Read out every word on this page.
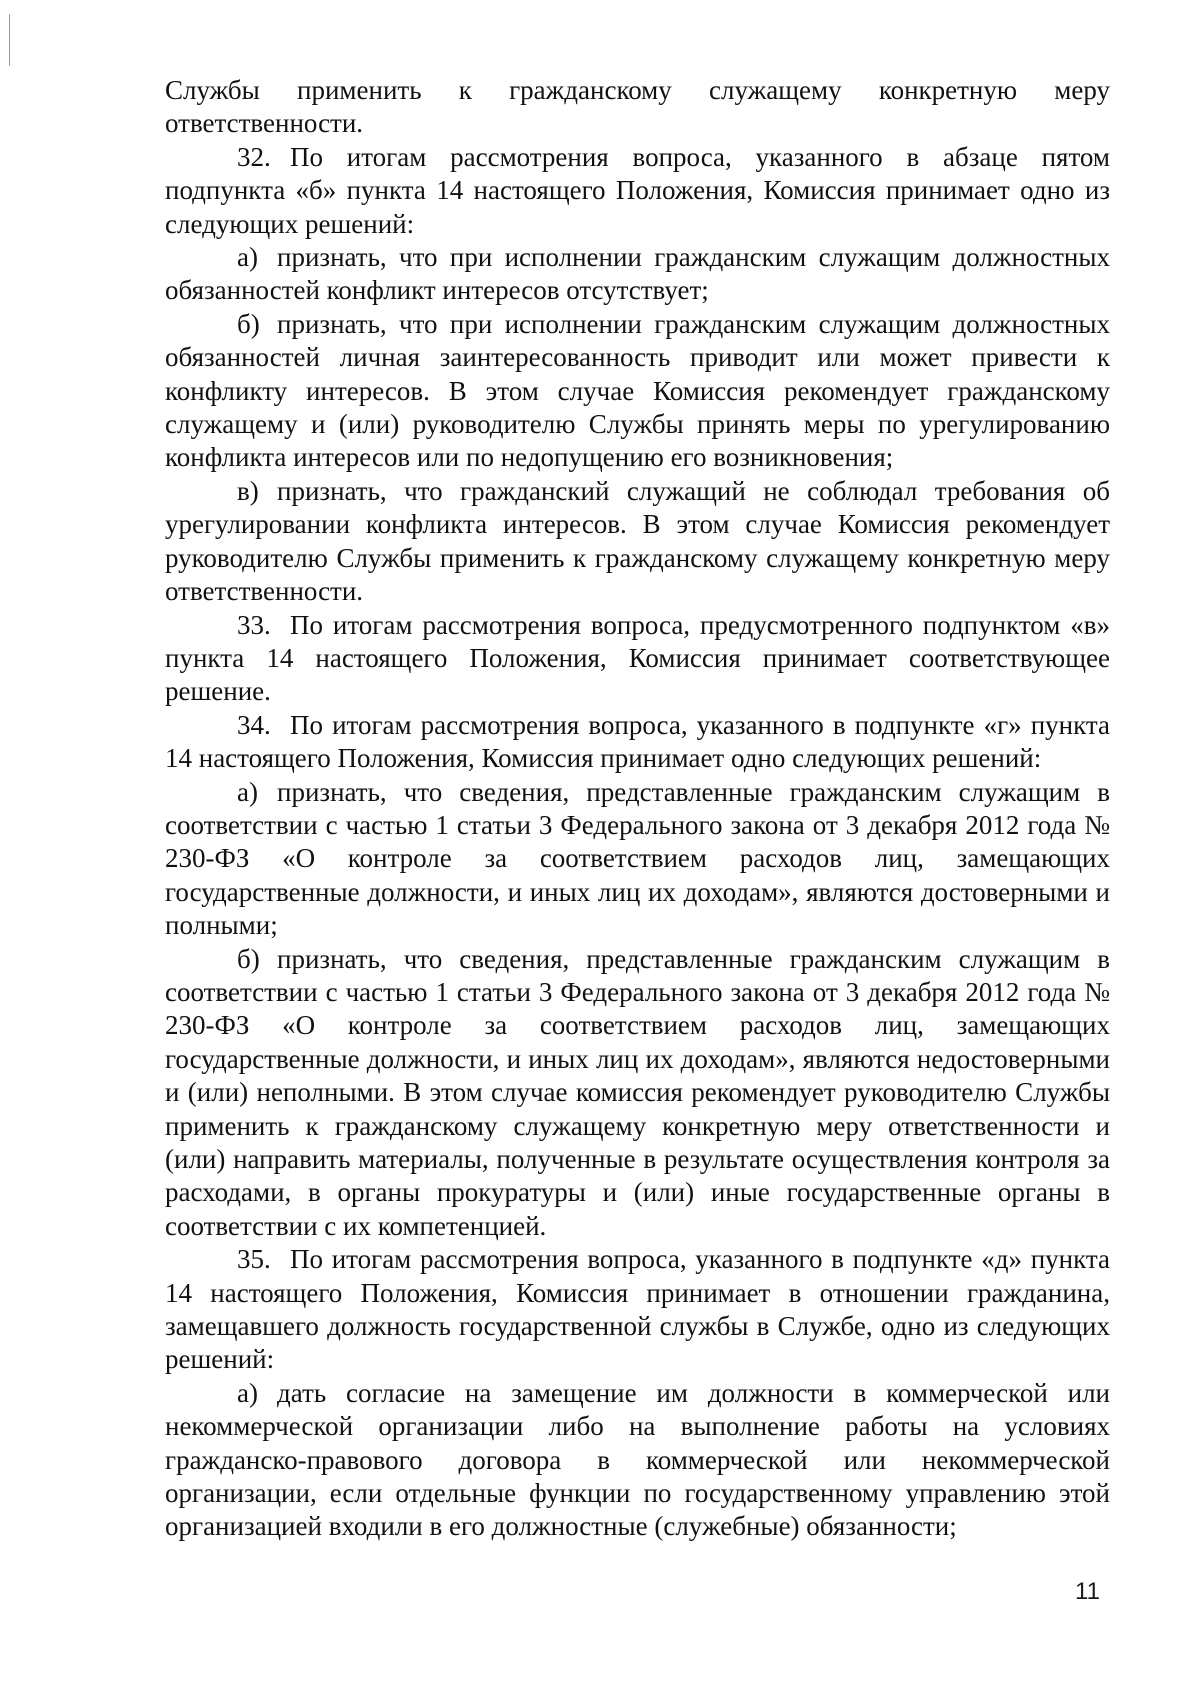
Службы применить к гражданскому служащему конкретную меру ответственности.

32. По итогам рассмотрения вопроса, указанного в абзаце пятом подпункта «б» пункта 14 настоящего Положения, Комиссия принимает одно из следующих решений:

а) признать, что при исполнении гражданским служащим должностных обязанностей конфликт интересов отсутствует;

б) признать, что при исполнении гражданским служащим должностных обязанностей личная заинтересованность приводит или может привести к конфликту интересов. В этом случае Комиссия рекомендует гражданскому служащему и (или) руководителю Службы принять меры по урегулированию конфликта интересов или по недопущению его возникновения;

в) признать, что гражданский служащий не соблюдал требования об урегулировании конфликта интересов. В этом случае Комиссия рекомендует руководителю Службы применить к гражданскому служащему конкретную меру ответственности.

33. По итогам рассмотрения вопроса, предусмотренного подпунктом «в» пункта 14 настоящего Положения, Комиссия принимает соответствующее решение.

34. По итогам рассмотрения вопроса, указанного в подпункте «г» пункта 14 настоящего Положения, Комиссия принимает одно следующих решений:

а) признать, что сведения, представленные гражданским служащим в соответствии с частью 1 статьи 3 Федерального закона от 3 декабря 2012 года № 230-ФЗ «О контроле за соответствием расходов лиц, замещающих государственные должности, и иных лиц их доходам», являются достоверными и полными;

б) признать, что сведения, представленные гражданским служащим в соответствии с частью 1 статьи 3 Федерального закона от 3 декабря 2012 года № 230-ФЗ «О контроле за соответствием расходов лиц, замещающих государственные должности, и иных лиц их доходам», являются недостоверными и (или) неполными. В этом случае комиссия рекомендует руководителю Службы применить к гражданскому служащему конкретную меру ответственности и (или) направить материалы, полученные в результате осуществления контроля за расходами, в органы прокуратуры и (или) иные государственные органы в соответствии с их компетенцией.

35. По итогам рассмотрения вопроса, указанного в подпункте «д» пункта 14 настоящего Положения, Комиссия принимает в отношении гражданина, замещавшего должность государственной службы в Службе, одно из следующих решений:

а) дать согласие на замещение им должности в коммерческой или некоммерческой организации либо на выполнение работы на условиях гражданско-правового договора в коммерческой или некоммерческой организации, если отдельные функции по государственному управлению этой организацией входили в его должностные (служебные) обязанности;

11
